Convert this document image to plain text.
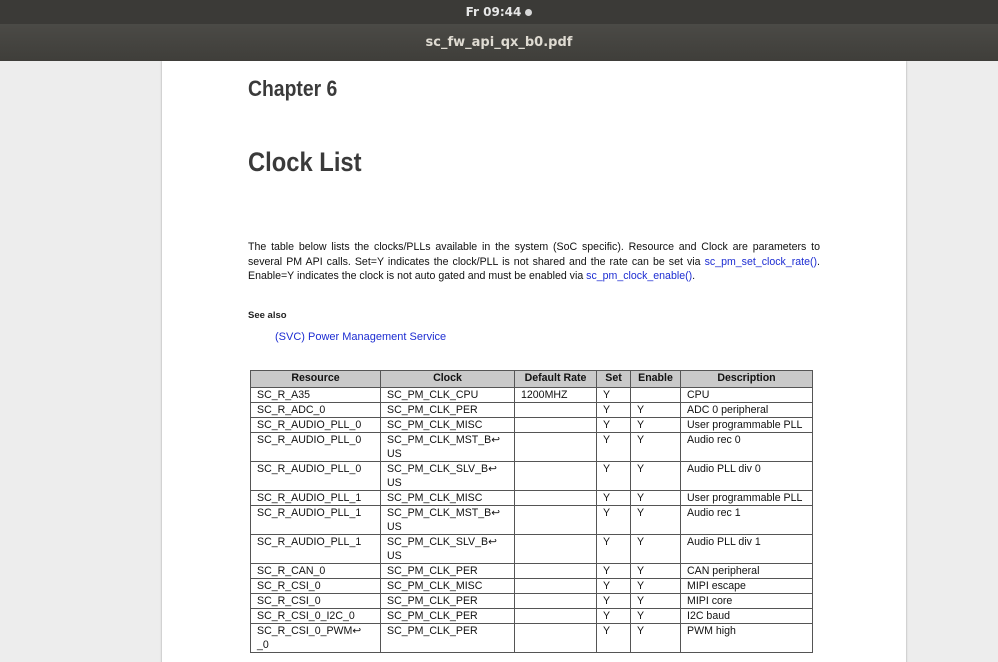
Fr 09:44
sc_fw_api_qx_b0.pdf
Chapter 6
Clock List
The table below lists the clocks/PLLs available in the system (SoC specific). Resource and Clock are parameters to several PM API calls. Set=Y indicates the clock/PLL is not shared and the rate can be set via sc_pm_set_clock_rate(). Enable=Y indicates the clock is not auto gated and must be enabled via sc_pm_clock_enable().
See also
(SVC) Power Management Service
Resource	Clock	Default Rate	Set	Enable	Description
SC_R_A35	SC_PM_CLK_CPU	1200MHZ	Y		CPU
SC_R_ADC_0	SC_PM_CLK_PER		Y	Y	ADC 0 peripheral
SC_R_AUDIO_PLL_0	SC_PM_CLK_MISC		Y	Y	User programmable PLL
SC_R_AUDIO_PLL_0	SC_PM_CLK_MST_B↩
US		Y	Y	Audio rec 0
SC_R_AUDIO_PLL_0	SC_PM_CLK_SLV_B↩
US		Y	Y	Audio PLL div 0
SC_R_AUDIO_PLL_1	SC_PM_CLK_MISC		Y	Y	User programmable PLL
SC_R_AUDIO_PLL_1	SC_PM_CLK_MST_B↩
US		Y	Y	Audio rec 1
SC_R_AUDIO_PLL_1	SC_PM_CLK_SLV_B↩
US		Y	Y	Audio PLL div 1
SC_R_CAN_0	SC_PM_CLK_PER		Y	Y	CAN peripheral
SC_R_CSI_0	SC_PM_CLK_MISC		Y	Y	MIPI escape
SC_R_CSI_0	SC_PM_CLK_PER		Y	Y	MIPI core
SC_R_CSI_0_I2C_0	SC_PM_CLK_PER		Y	Y	I2C baud
SC_R_CSI_0_PWM↩
_0	SC_PM_CLK_PER		Y	Y	PWM high
